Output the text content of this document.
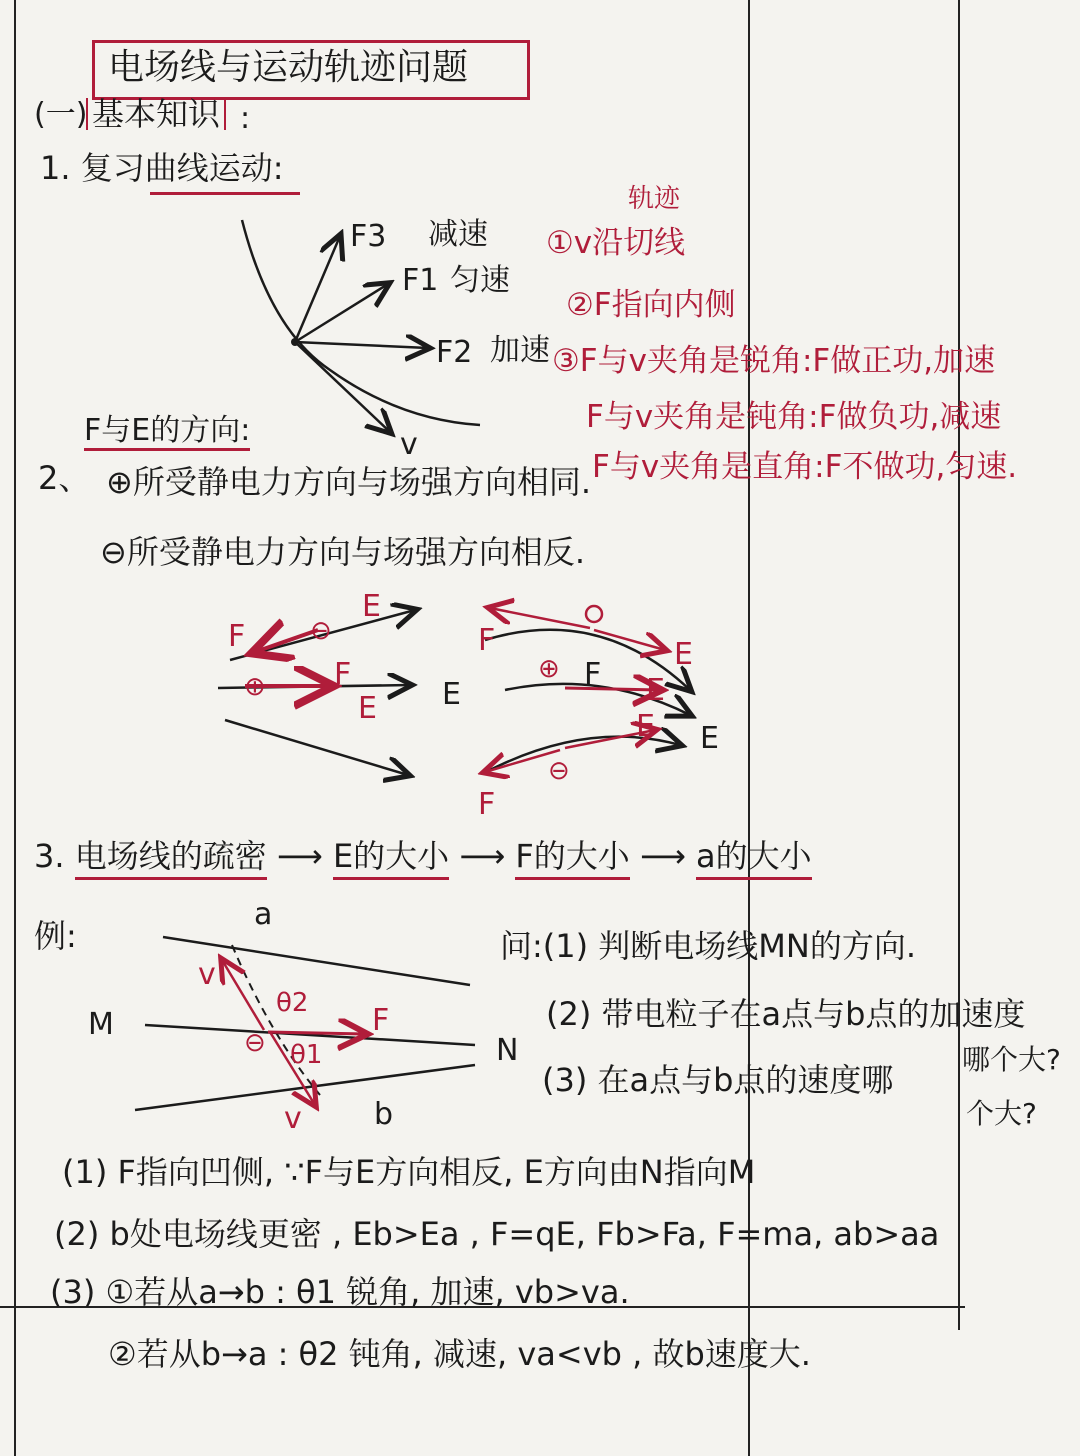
电场线与运动轨迹问题
(一) 基本知识 :
1. 复习曲线运动:
F3 减速
F1 匀速
F2 加速
v
轨迹
①v沿切线
②F指向内侧
③F与v夹角是锐角:F做正功,加速
F与v夹角是钝角:F做负功,减速
F与v夹角是直角:F不做功,匀速.
F与E的方向:
2、 ⊕所受静电力方向与场强方向相同.
⊖所受静电力方向与场强方向相反.
F
E
⊖
⊕ F
E E
F	E
⊕ F E
E
E
⊖
F
3. 电场线的疏密 ⟶ E的大小 ⟶ F的大小 ⟶ a的大小
例:
a
M
N
b
v
v
F
θ2
θ1
⊖
问:(1) 判断电场线MN的方向.
(2) 带电粒子在a点与b点的加速度
哪个大?
(3) 在a点与b点的速度哪
个大?
(1) F指向凹侧, ∵F与E方向相反, E方向由N指向M
(2) b处电场线更密 , Eb>Ea , F=qE, Fb>Fa, F=ma, ab>aa
(3) ①若从a→b : θ1 锐角, 加速, vb>va.
②若从b→a : θ2 钝角, 减速, va<vb , 故b速度大.
